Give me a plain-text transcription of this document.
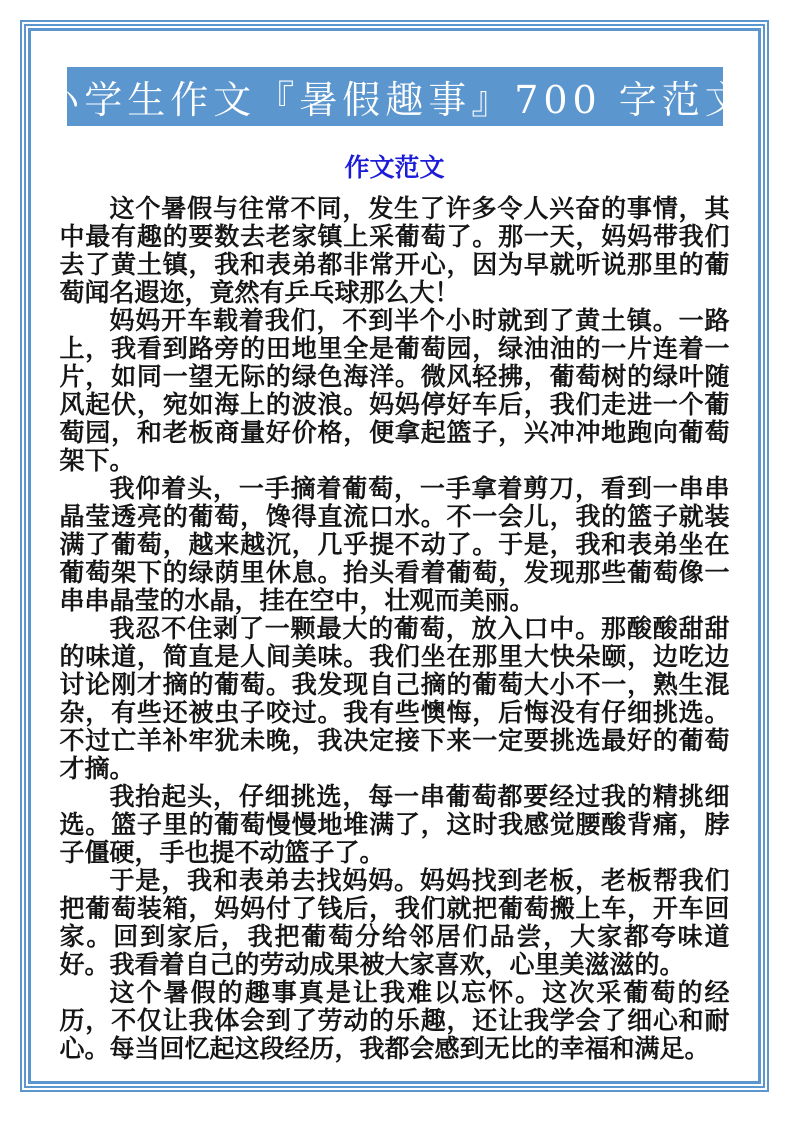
小学生作文『暑假趣事』700 字范文
作文范文

这个暑假与往常不同，发生了许多令人兴奋的事情，其中最有趣的要数去老家镇上采葡萄了。那一天，妈妈带我们去了黄土镇，我和表弟都非常开心，因为早就听说那里的葡萄闻名遐迩，竟然有乒乓球那么大！

妈妈开车载着我们，不到半个小时就到了黄土镇。一路上，我看到路旁的田地里全是葡萄园，绿油油的一片连着一片，如同一望无际的绿色海洋。微风轻拂，葡萄树的绿叶随风起伏，宛如海上的波浪。妈妈停好车后，我们走进一个葡萄园，和老板商量好价格，便拿起篮子，兴冲冲地跑向葡萄架下。

我仰着头，一手摘着葡萄，一手拿着剪刀，看到一串串晶莹透亮的葡萄，馋得直流口水。不一会儿，我的篮子就装满了葡萄，越来越沉，几乎提不动了。于是，我和表弟坐在葡萄架下的绿荫里休息。抬头看着葡萄，发现那些葡萄像一串串晶莹的水晶，挂在空中，壮观而美丽。

我忍不住剥了一颗最大的葡萄，放入口中。那酸酸甜甜的味道，简直是人间美味。我们坐在那里大快朵颐，边吃边讨论刚才摘的葡萄。我发现自己摘的葡萄大小不一，熟生混杂，有些还被虫子咬过。我有些懊悔，后悔没有仔细挑选。不过亡羊补牢犹未晚，我决定接下来一定要挑选最好的葡萄才摘。

我抬起头，仔细挑选，每一串葡萄都要经过我的精挑细选。篮子里的葡萄慢慢地堆满了，这时我感觉腰酸背痛，脖子僵硬，手也提不动篮子了。

于是，我和表弟去找妈妈。妈妈找到老板，老板帮我们把葡萄装箱，妈妈付了钱后，我们就把葡萄搬上车，开车回家。回到家后，我把葡萄分给邻居们品尝，大家都夸味道好。我看着自己的劳动成果被大家喜欢，心里美滋滋的。

这个暑假的趣事真是让我难以忘怀。这次采葡萄的经历，不仅让我体会到了劳动的乐趣，还让我学会了细心和耐心。每当回忆起这段经历，我都会感到无比的幸福和满足。
